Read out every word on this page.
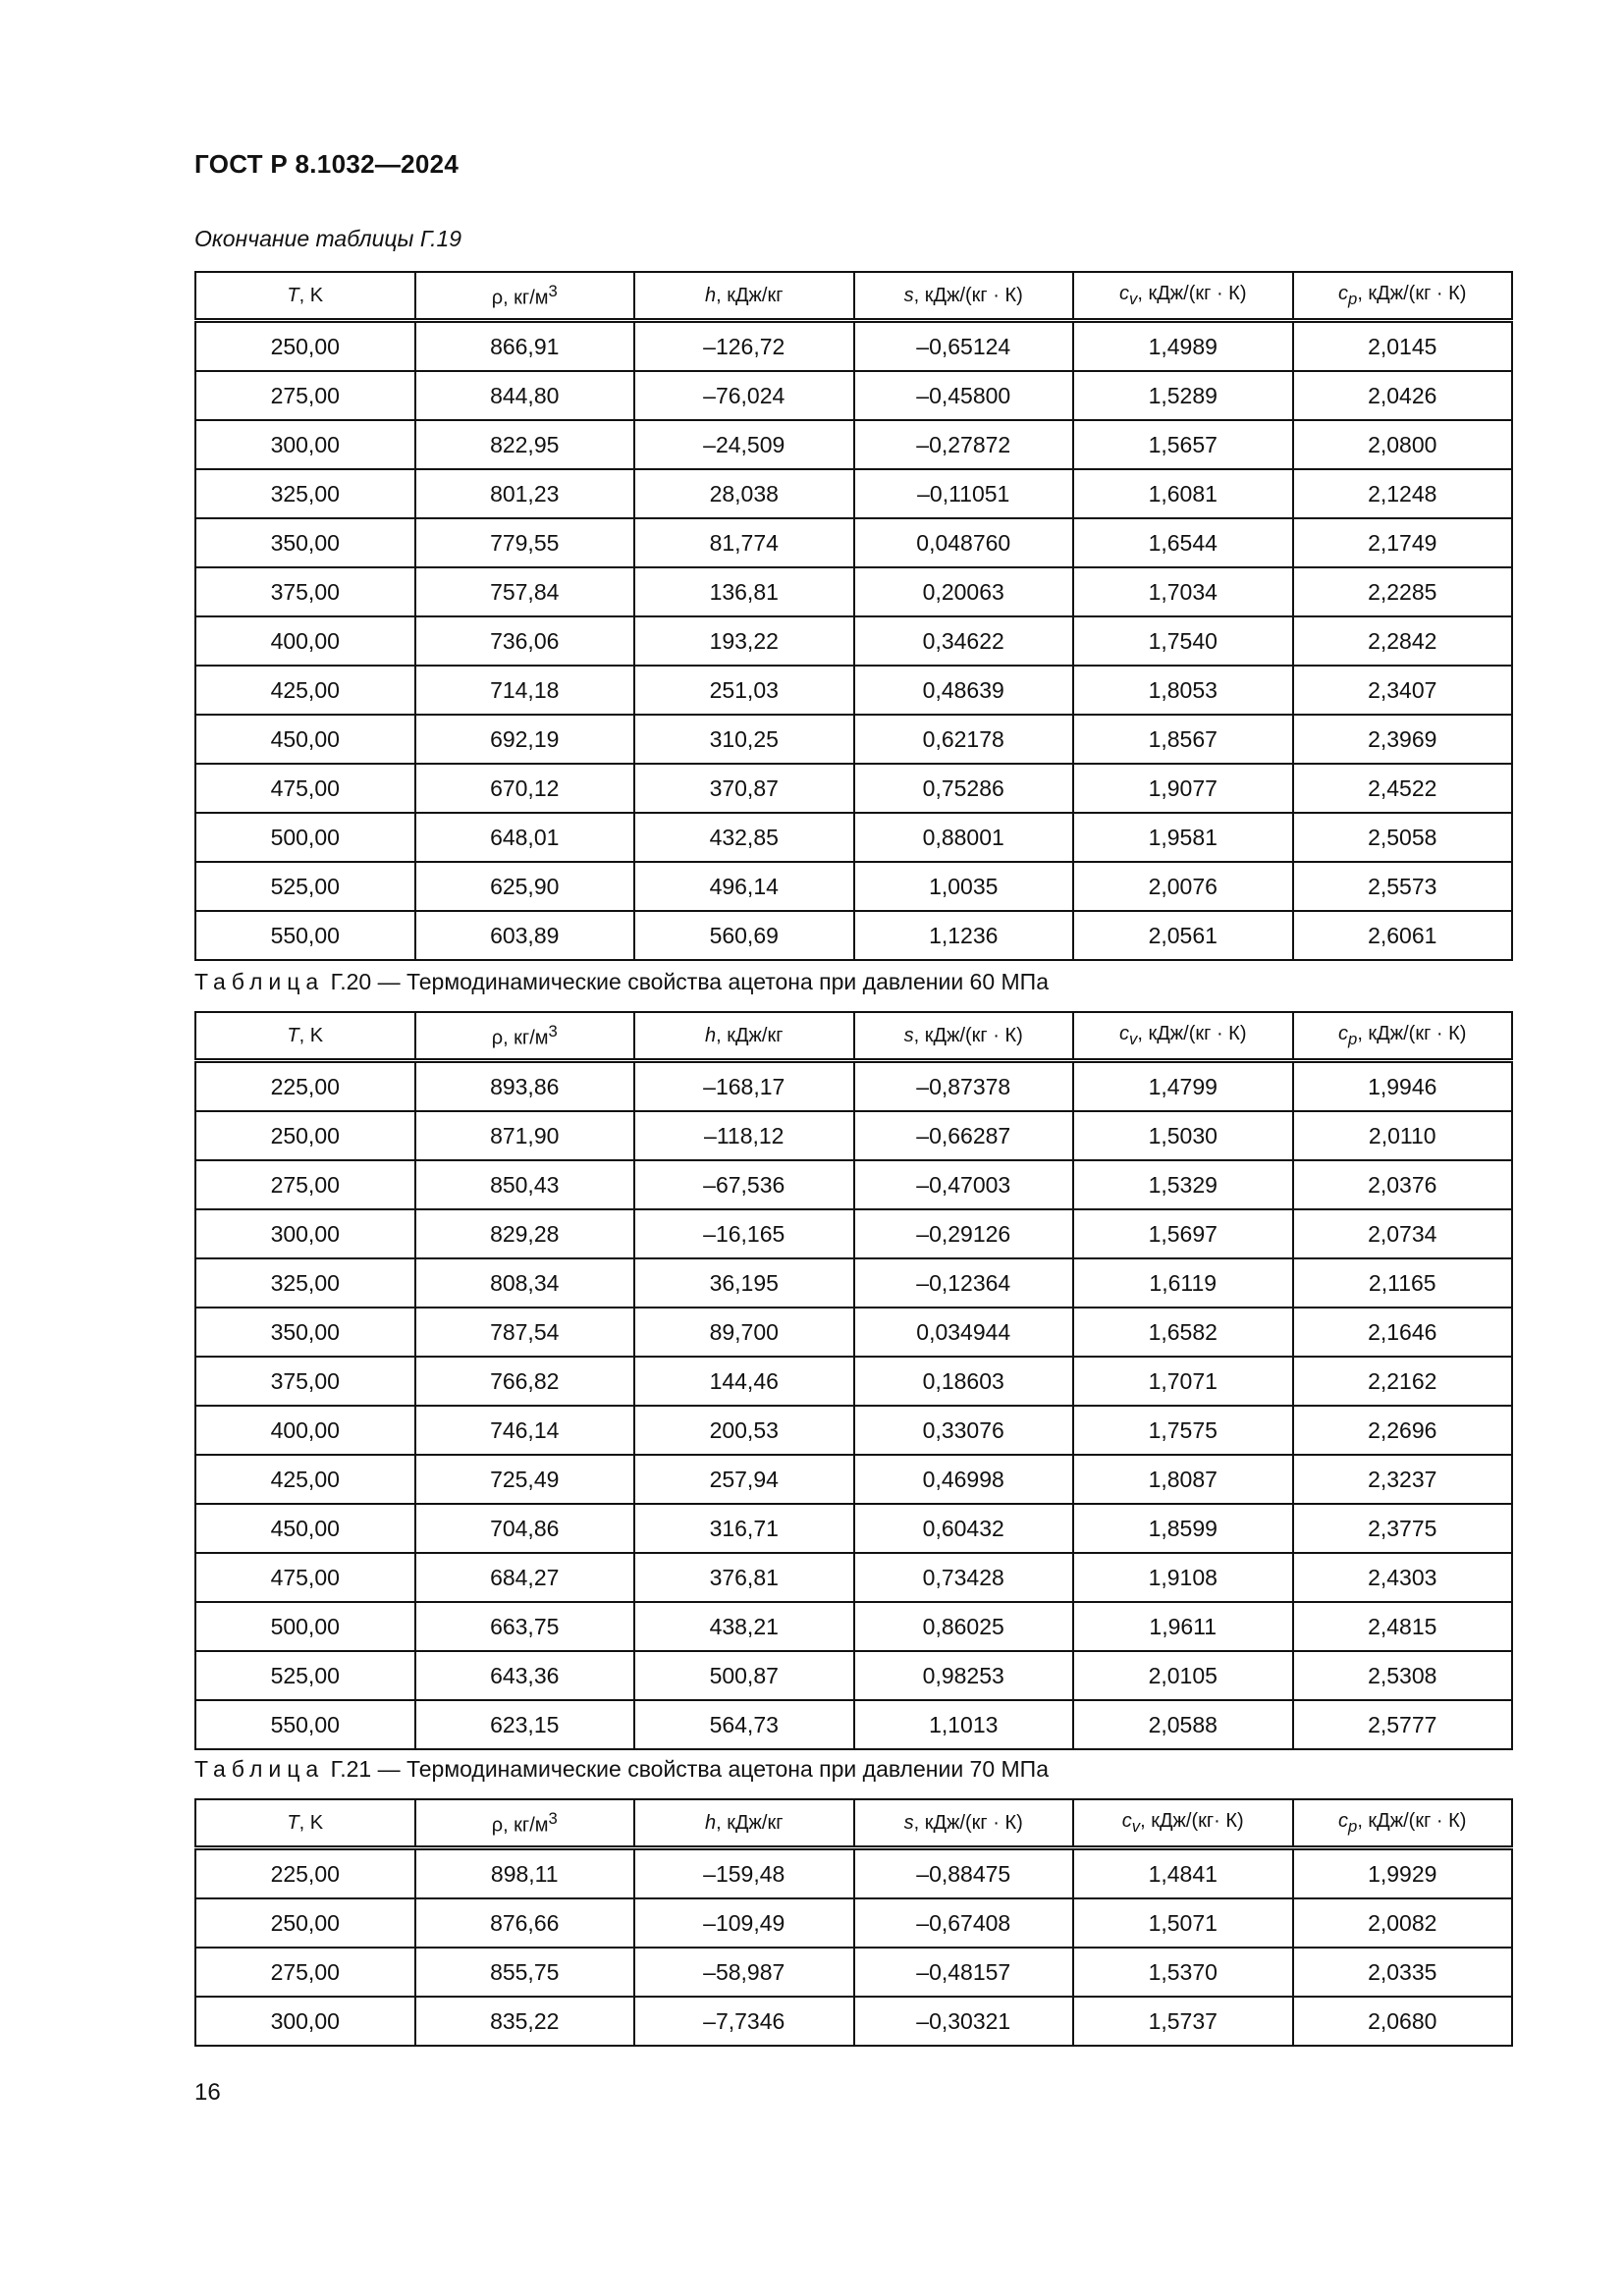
ГОСТ Р 8.1032—2024
Окончание таблицы Г.19
T, K	ρ, $кг/м^3$	h, кДж/кг	s, кДж/(кг · К)	$c_v$, кДж/(кг · К)	$c_p$, кДж/(кг · К)
250,00	866,91	–126,72	–0,65124	1,4989	2,0145
275,00	844,80	–76,024	–0,45800	1,5289	2,0426
300,00	822,95	–24,509	–0,27872	1,5657	2,0800
325,00	801,23	28,038	–0,11051	1,6081	2,1248
350,00	779,55	81,774	0,048760	1,6544	2,1749
375,00	757,84	136,81	0,20063	1,7034	2,2285
400,00	736,06	193,22	0,34622	1,7540	2,2842
425,00	714,18	251,03	0,48639	1,8053	2,3407
450,00	692,19	310,25	0,62178	1,8567	2,3969
475,00	670,12	370,87	0,75286	1,9077	2,4522
500,00	648,01	432,85	0,88001	1,9581	2,5058
525,00	625,90	496,14	1,0035	2,0076	2,5573
550,00	603,89	560,69	1,1236	2,0561	2,6061
Таблица Г.20 — Термодинамические свойства ацетона при давлении 60 МПа
T, K	ρ, $кг/м^3$	h, кДж/кг	s, кДж/(кг · К)	$c_v$, кДж/(кг · К)	$c_p$, кДж/(кг · К)
225,00	893,86	–168,17	–0,87378	1,4799	1,9946
250,00	871,90	–118,12	–0,66287	1,5030	2,0110
275,00	850,43	–67,536	–0,47003	1,5329	2,0376
300,00	829,28	–16,165	–0,29126	1,5697	2,0734
325,00	808,34	36,195	–0,12364	1,6119	2,1165
350,00	787,54	89,700	0,034944	1,6582	2,1646
375,00	766,82	144,46	0,18603	1,7071	2,2162
400,00	746,14	200,53	0,33076	1,7575	2,2696
425,00	725,49	257,94	0,46998	1,8087	2,3237
450,00	704,86	316,71	0,60432	1,8599	2,3775
475,00	684,27	376,81	0,73428	1,9108	2,4303
500,00	663,75	438,21	0,86025	1,9611	2,4815
525,00	643,36	500,87	0,98253	2,0105	2,5308
550,00	623,15	564,73	1,1013	2,0588	2,5777
Таблица Г.21 — Термодинамические свойства ацетона при давлении 70 МПа
T, K	ρ, $кг/м^3$	h, кДж/кг	s, кДж/(кг · К)	$c_v$, кДж/(кг· К)	$c_p$, кДж/(кг · К)
225,00	898,11	–159,48	–0,88475	1,4841	1,9929
250,00	876,66	–109,49	–0,67408	1,5071	2,0082
275,00	855,75	–58,987	–0,48157	1,5370	2,0335
300,00	835,22	–7,7346	–0,30321	1,5737	2,0680
16
